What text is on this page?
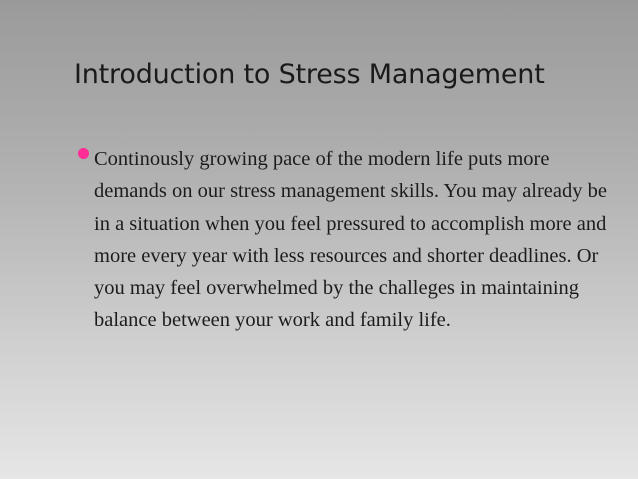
Introduction to Stress Management
Continously growing pace of the modern life puts more demands on our stress management skills. You may already be in a situation when you feel pressured to accomplish more and more every year with less resources and shorter deadlines. Or you may feel overwhelmed by the challeges in maintaining balance between your work and family life.
